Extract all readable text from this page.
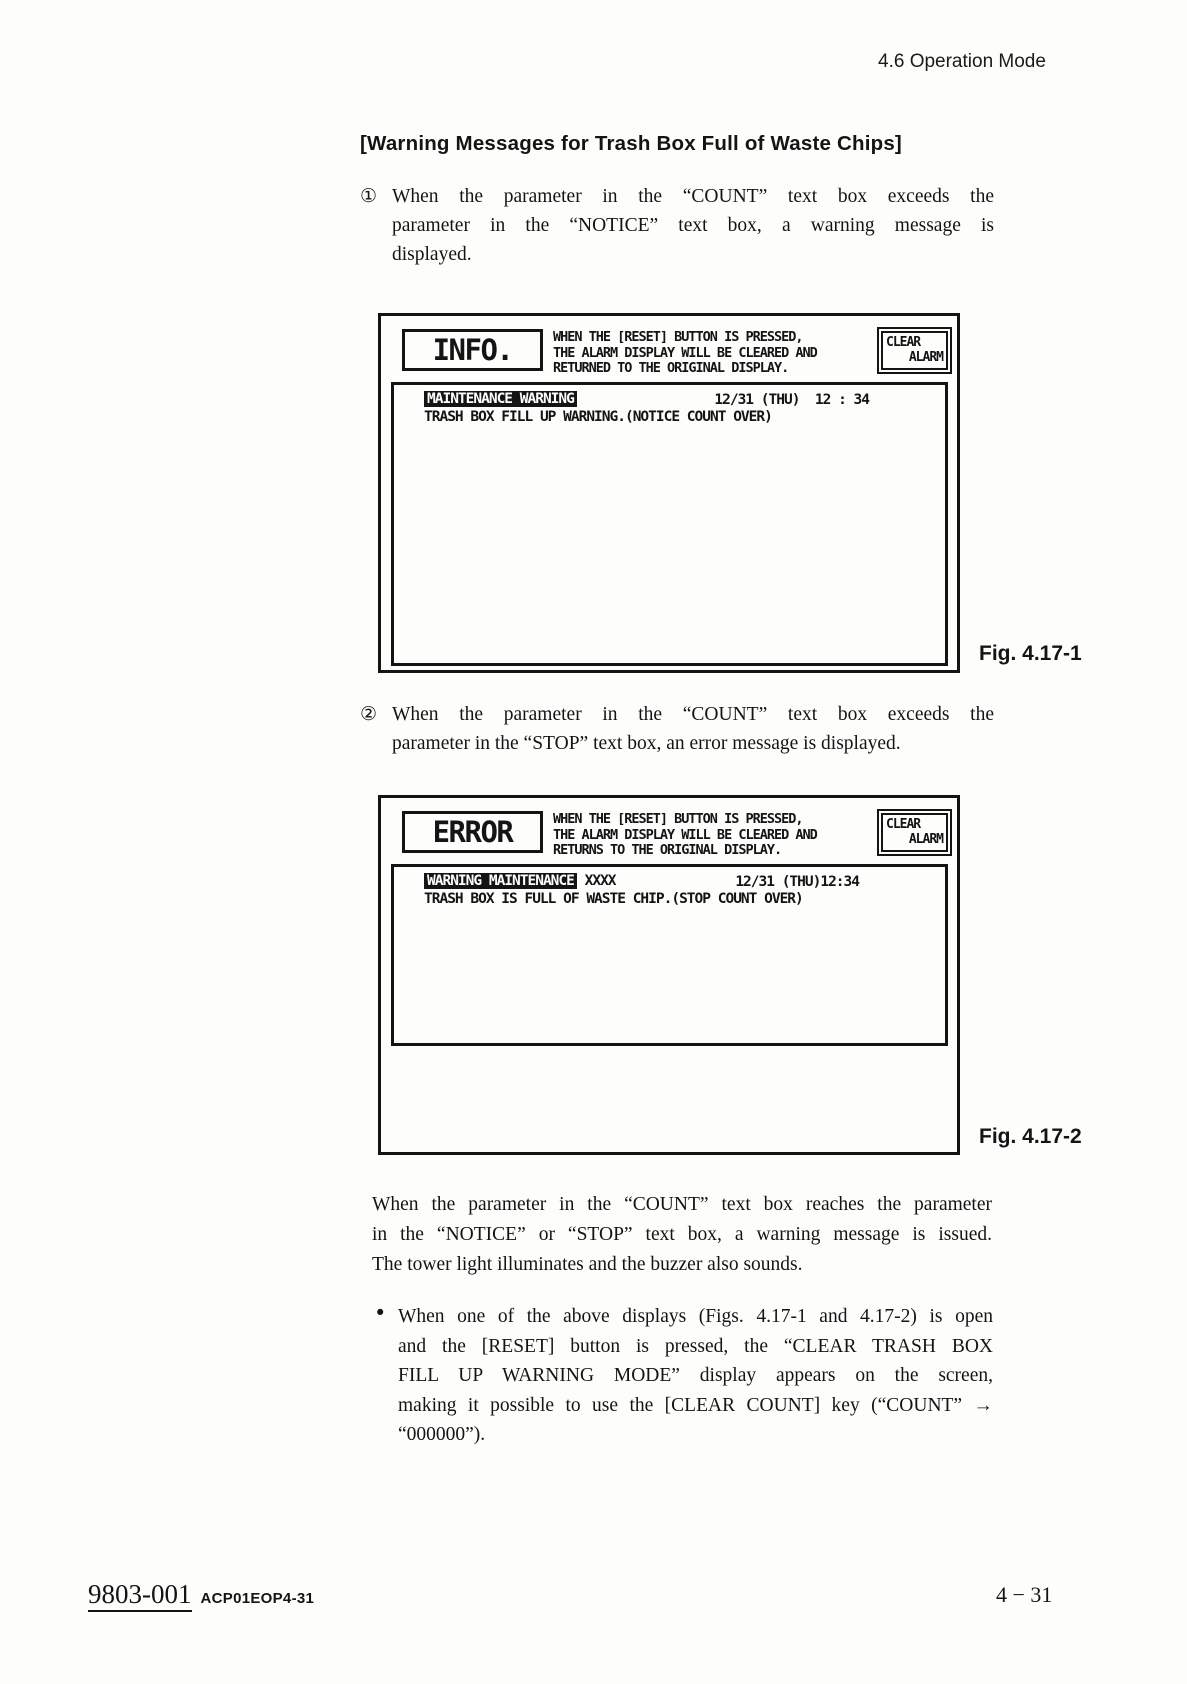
4.6 Operation Mode
[Warning Messages for Trash Box Full of Waste Chips]
① When the parameter in the “COUNT” text box exceeds the
parameter in the “NOTICE” text box, a warning message is
displayed.
INFO.	WHEN THE [RESET] BUTTON IS PRESSED,
THE ALARM DISPLAY WILL BE CLEARED AND
RETURNED TO THE ORIGINAL DISPLAY.
CLEAR
ALARM
MAINTENANCE WARNING
TRASH BOX FILL UP WARNING.(NOTICE COUNT OVER)
12/31 (THU)  12 : 34
Fig. 4.17-1
② When the parameter in the “COUNT” text box exceeds the
parameter in the “STOP” text box, an error message is displayed.
ERROR	WHEN THE [RESET] BUTTON IS PRESSED,
THE ALARM DISPLAY WILL BE CLEARED AND
RETURNS TO THE ORIGINAL DISPLAY.
CLEAR
ALARM
WARNING MAINTENANCE XXXX
TRASH BOX IS FULL OF WASTE CHIP.(STOP COUNT OVER)
12/31 (THU)12:34
Fig. 4.17-2
When the parameter in the “COUNT” text box reaches the parameter
in the “NOTICE” or “STOP” text box, a warning message is issued.
The tower light illuminates and the buzzer also sounds.
• When one of the above displays (Figs. 4.17-1 and 4.17-2) is open
and the [RESET] button is pressed, the “CLEAR TRASH BOX
FILL UP WARNING MODE” display appears on the screen,
making it possible to use the [CLEAR COUNT] key (“COUNT” →
“000000”).
9803-001 ACP01EOP4-31	4 − 31
